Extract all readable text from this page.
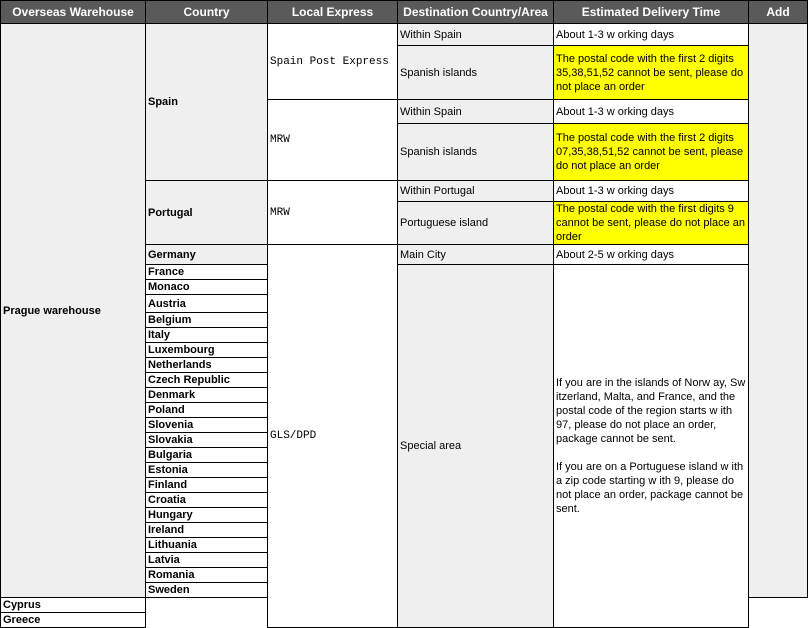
Overseas Warehouse	Country	Local Express	Destination Country/Area	Estimated Delivery Time	Add
Prague warehouse	Spain	Spain Post Express	Within Spain	About 1-3 w orking days	
			Spanish islands	The postal code with the first 2 digits 35,38,51,52 cannot be sent, please do not place an order	
		MRW	Within Spain	About 1-3 w orking days	
			Spanish islands	The postal code with the first 2 digits 07,35,38,51,52 cannot be sent, please do not place an order	
	Portugal	MRW	Within Portugal	About 1-3 w orking days	
			Portuguese island	The postal code with the first digits 9 cannot be sent, please do not place an order	
	Germany	GLS/DPD	Main City	About 2-5 w orking days	
	France		Special area	If you are in the islands of Norw ay, Sw itzerland, Malta, and France, and the postal code of the region starts w ith 97, please do not place an order, package cannot be sent.
If you are on a Portuguese island w ith a zip code starting w ith 9, please do not place an order, package cannot be sent.	

	Monaco				
	Austria				
	Belgium				
	Italy				
	Luxembourg				
	Netherlands				
	Czech Republic				
	Denmark				
	Poland				
	Slovenia				
	Slovakia				
	Bulgaria				
	Estonia				
	Finland				
	Croatia				
	Hungary				
	Ireland				
	Lithuania				
	Latvia				
	Romania				
	Sweden				
Cyprus					
Greece					
